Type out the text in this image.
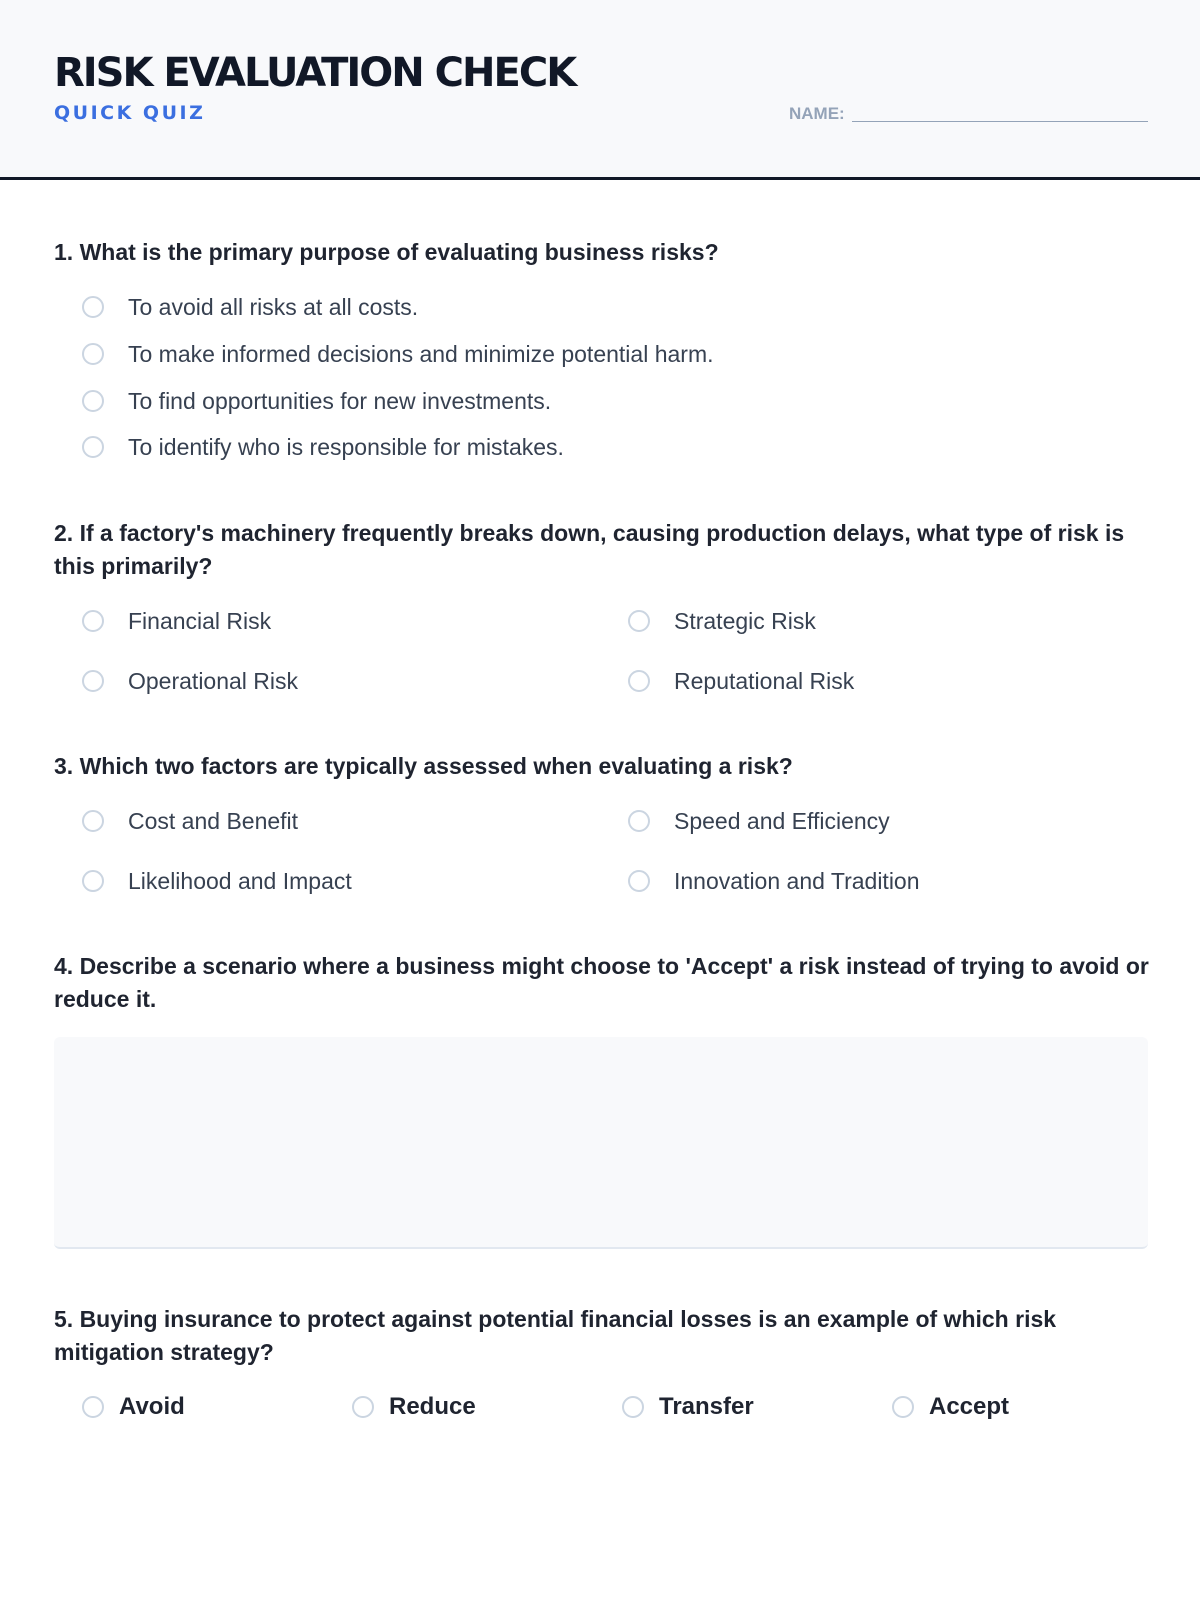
RISK EVALUATION CHECK
QUICK QUIZ	NAME:

1. What is the primary purpose of evaluating business risks?

To avoid all risks at all costs.
To make informed decisions and minimize potential harm.
To find opportunities for new investments.
To identify who is responsible for mistakes.

2. If a factory's machinery frequently breaks down, causing production delays, what type of risk is this primarily?

Financial Risk	Strategic Risk
Operational Risk	Reputational Risk

3. Which two factors are typically assessed when evaluating a risk?

Cost and Benefit	Speed and Efficiency
Likelihood and Impact	Innovation and Tradition

4. Describe a scenario where a business might choose to 'Accept' a risk instead of trying to avoid or reduce it.

5. Buying insurance to protect against potential financial losses is an example of which risk mitigation strategy?

Avoid	Reduce	Transfer	Accept
